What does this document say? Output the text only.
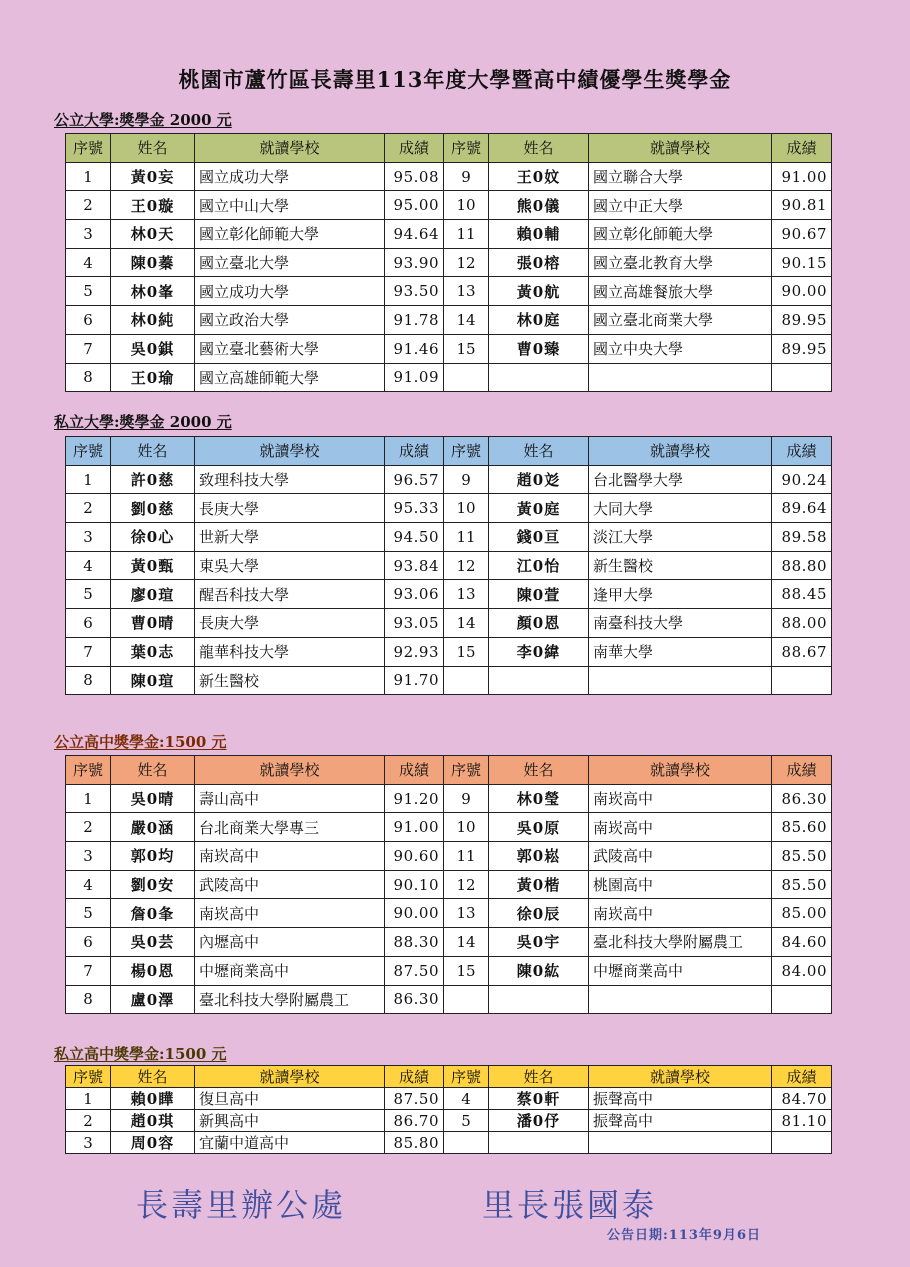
桃園市蘆竹區長壽里113年度大學暨高中績優學生獎學金
公立大學:獎學金 2000 元
序號	姓名	就讀學校	成績	序號	姓名	就讀學校	成績
1	黃0妄	國立成功大學	95.08	9	王0妏	國立聯合大學	91.00
2	王0璇	國立中山大學	95.00	10	熊0儀	國立中正大學	90.81
3	林0天	國立彰化師範大學	94.64	11	賴0輔	國立彰化師範大學	90.67
4	陳0蓁	國立臺北大學	93.90	12	張0榕	國立臺北教育大學	90.15
5	林0峯	國立成功大學	93.50	13	黃0航	國立高雄餐旅大學	90.00
6	林0純	國立政治大學	91.78	14	林0庭	國立臺北商業大學	89.95
7	吳0錤	國立臺北藝術大學	91.46	15	曹0臻	國立中央大學	89.95
8	王0瑜	國立高雄師範大學	91.09				
私立大學:獎學金 2000 元
序號	姓名	就讀學校	成績	序號	姓名	就讀學校	成績
1	許0慈	致理科技大學	96.57	9	趙0彣	台北醫學大學	90.24
2	劉0慈	長庚大學	95.33	10	黃0庭	大同大學	89.64
3	徐0心	世新大學	94.50	11	錢0亘	淡江大學	89.58
4	黃0甄	東吳大學	93.84	12	江0怡	新生醫校	88.80
5	廖0瑄	醒吾科技大學	93.06	13	陳0萱	逢甲大學	88.45
6	曹0晴	長庚大學	93.05	14	顏0恩	南臺科技大學	88.00
7	葉0志	龍華科技大學	92.93	15	李0緯	南華大學	88.67
8	陳0瑄	新生醫校	91.70				
公立高中獎學金:1500 元
序號	姓名	就讀學校	成績	序號	姓名	就讀學校	成績
1	吳0晴	壽山高中	91.20	9	林0瑩	南崁高中	86.30
2	嚴0涵	台北商業大學專三	91.00	10	吳0原	南崁高中	85.60
3	郭0均	南崁高中	90.60	11	郭0崧	武陵高中	85.50
4	劉0安	武陵高中	90.10	12	黃0楷	桃園高中	85.50
5	詹0夆	南崁高中	90.00	13	徐0辰	南崁高中	85.00
6	吳0芸	內壢高中	88.30	14	吳0宇	臺北科技大學附屬農工	84.60
7	楊0恩	中壢商業高中	87.50	15	陳0紘	中壢商業高中	84.00
8	盧0澤	臺北科技大學附屬農工	86.30				
私立高中獎學金:1500 元
序號	姓名	就讀學校	成績	序號	姓名	就讀學校	成績
1	賴0瞱	復旦高中	87.50	4	蔡0軒	振聲高中	84.70
2	趙0琪	新興高中	86.70	5	潘0伃	振聲高中	81.10
3	周0容	宜蘭中道高中	85.80				
長壽里辦公處	里長張國泰
公告日期:113年9月6日
